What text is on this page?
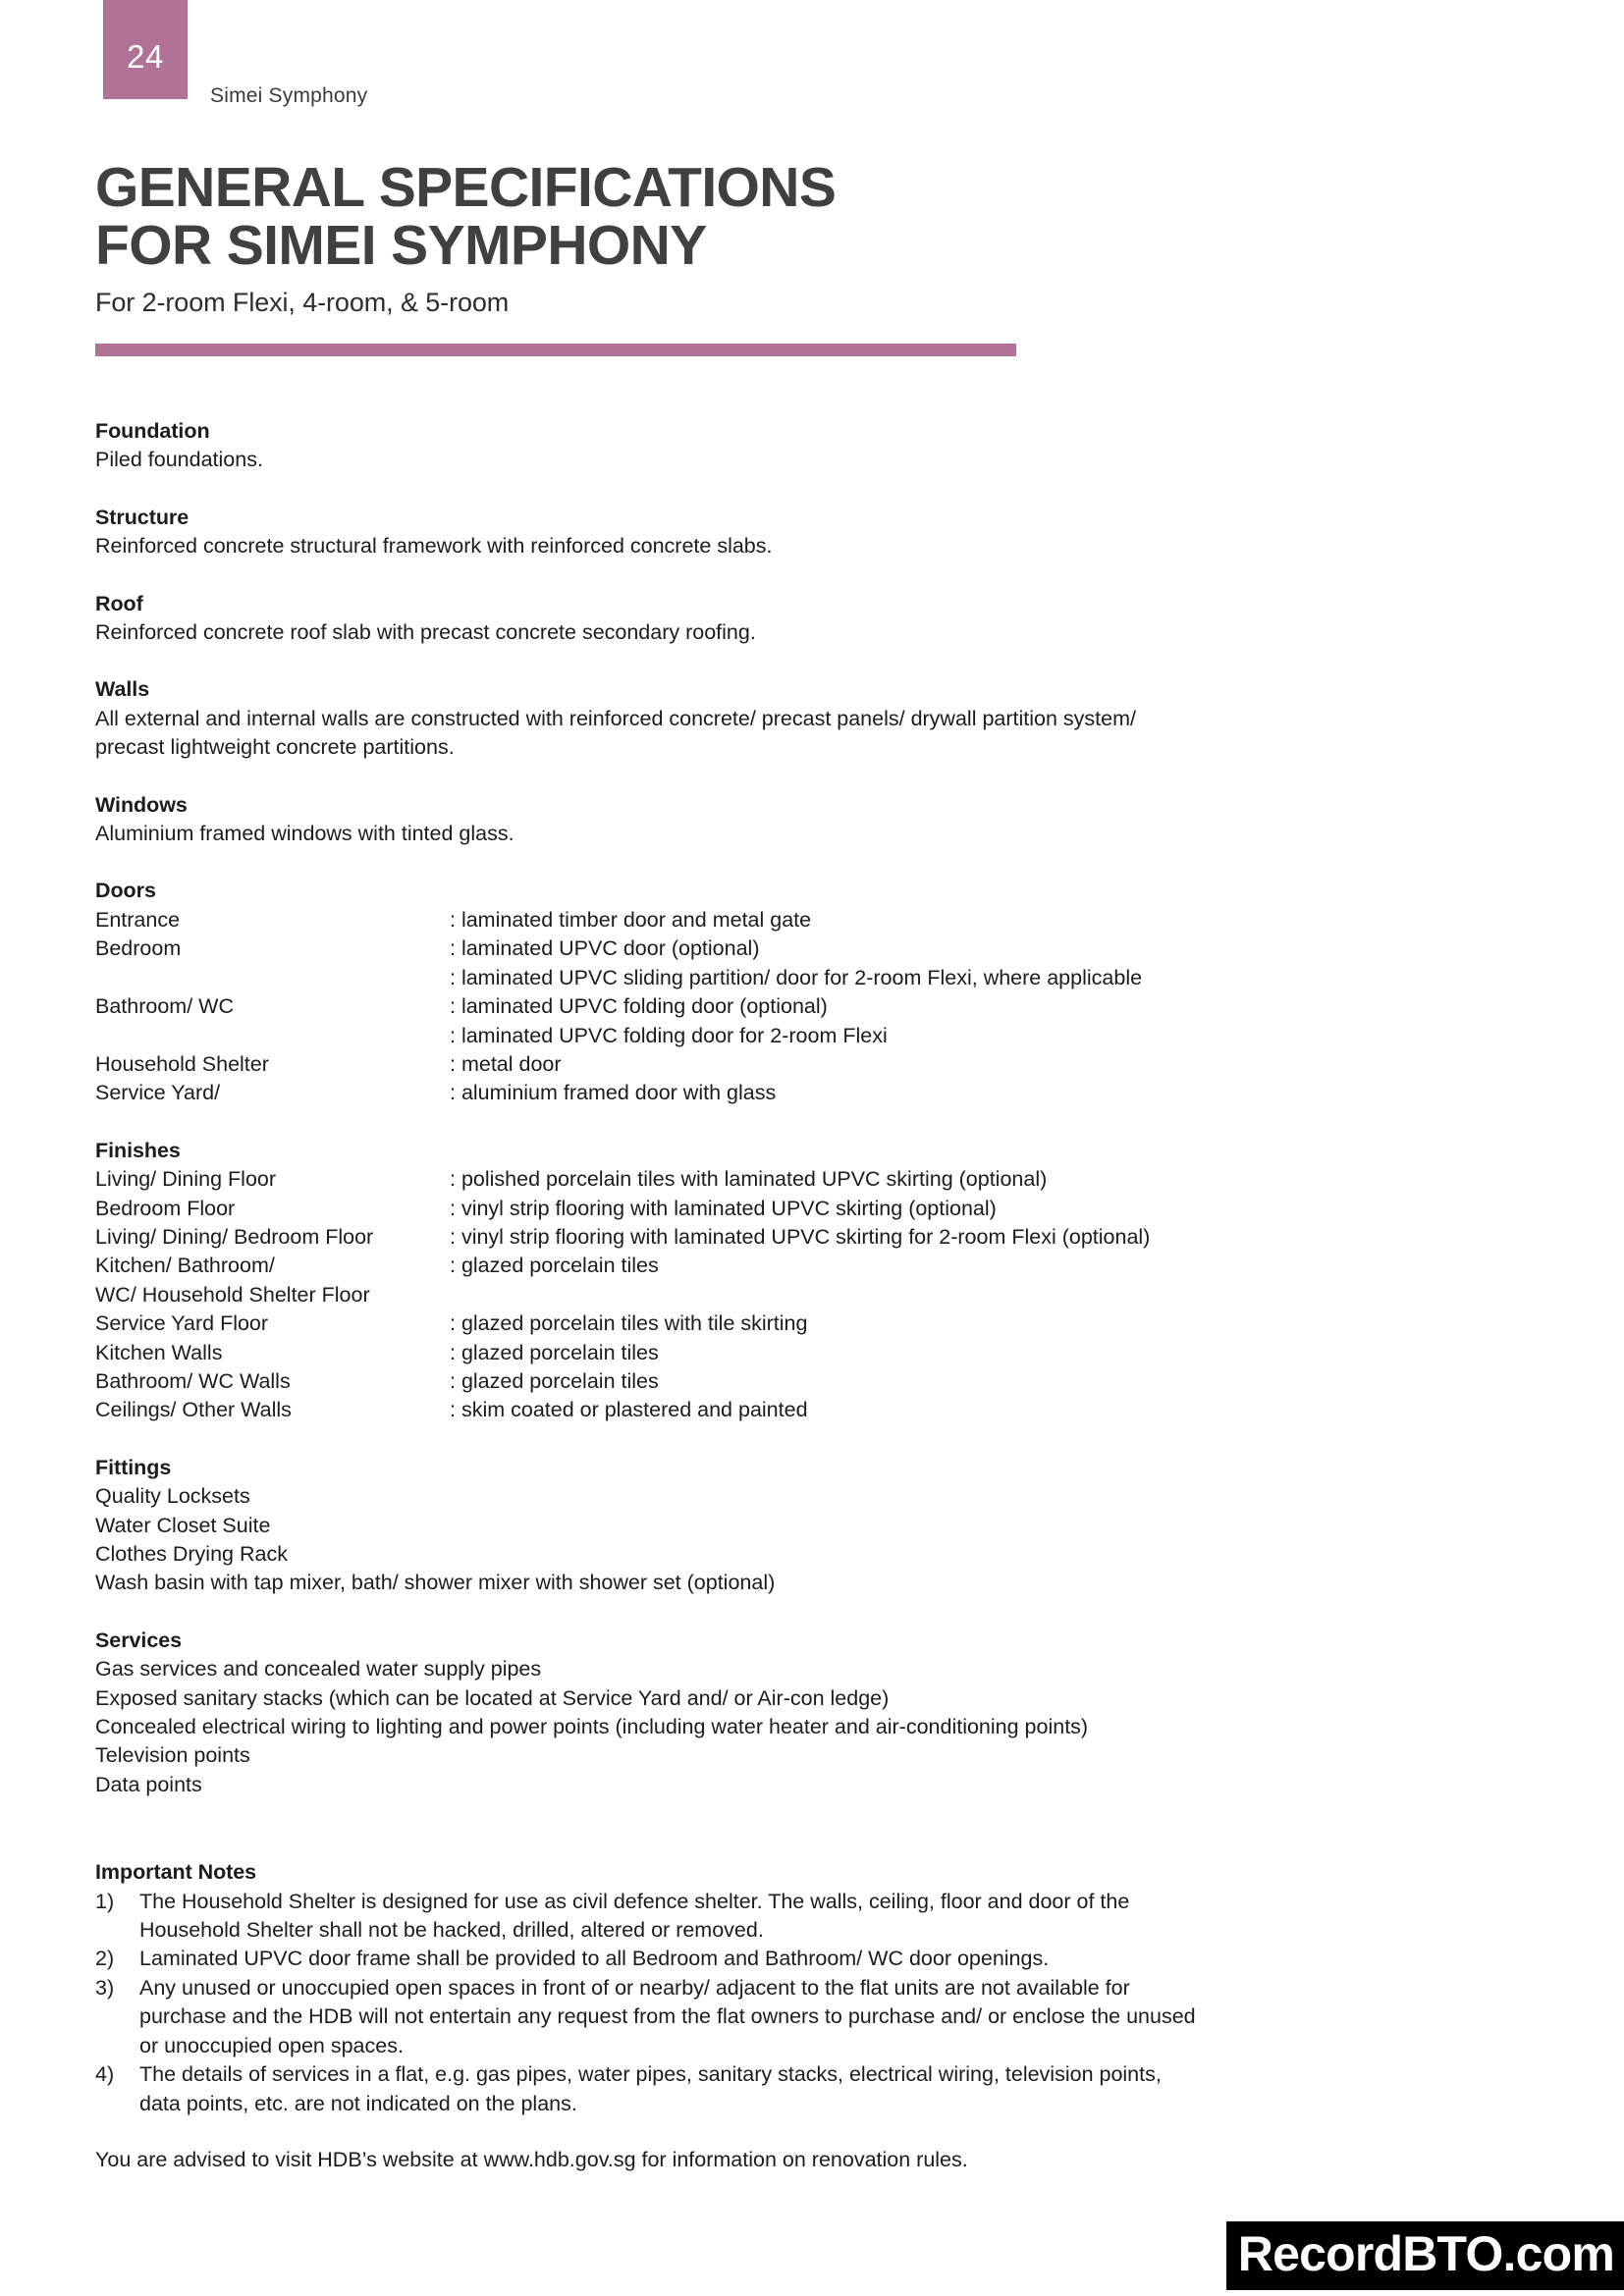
24
Simei Symphony
GENERAL SPECIFICATIONS
FOR SIMEI SYMPHONY
For 2-room Flexi, 4-room, & 5-room
Foundation
Piled foundations.
Structure
Reinforced concrete structural framework with reinforced concrete slabs.
Roof
Reinforced concrete roof slab with precast concrete secondary roofing.
Walls
All external and internal walls are constructed with reinforced concrete/ precast panels/ drywall partition system/
precast lightweight concrete partitions.
Windows
Aluminium framed windows with tinted glass.
Doors
Entrance	: laminated timber door and metal gate
Bedroom	: laminated UPVC door (optional)
: laminated UPVC sliding partition/ door for 2-room Flexi, where applicable
Bathroom/ WC	: laminated UPVC folding door (optional)
: laminated UPVC folding door for 2-room Flexi
Household Shelter	: metal door
Service Yard/	: aluminium framed door with glass
Finishes
Living/ Dining Floor	: polished porcelain tiles with laminated UPVC skirting (optional)
Bedroom Floor	: vinyl strip flooring with laminated UPVC skirting (optional)
Living/ Dining/ Bedroom Floor	: vinyl strip flooring with laminated UPVC skirting for 2-room Flexi (optional)
Kitchen/ Bathroom/	: glazed porcelain tiles
WC/ Household Shelter Floor
Service Yard Floor	: glazed porcelain tiles with tile skirting
Kitchen Walls	: glazed porcelain tiles
Bathroom/ WC Walls	: glazed porcelain tiles
Ceilings/ Other Walls	: skim coated or plastered and painted
Fittings
Quality Locksets
Water Closet Suite
Clothes Drying Rack
Wash basin with tap mixer, bath/ shower mixer with shower set (optional)
Services
Gas services and concealed water supply pipes
Exposed sanitary stacks (which can be located at Service Yard and/ or Air-con ledge)
Concealed electrical wiring to lighting and power points (including water heater and air-conditioning points)
Television points
Data points
Important Notes
1)	The Household Shelter is designed for use as civil defence shelter. The walls, ceiling, floor and door of the
Household Shelter shall not be hacked, drilled, altered or removed.
2)	Laminated UPVC door frame shall be provided to all Bedroom and Bathroom/ WC door openings.
3)	Any unused or unoccupied open spaces in front of or nearby/ adjacent to the flat units are not available for
purchase and the HDB will not entertain any request from the flat owners to purchase and/ or enclose the unused
or unoccupied open spaces.
4)	The details of services in a flat, e.g. gas pipes, water pipes, sanitary stacks, electrical wiring, television points,
data points, etc. are not indicated on the plans.
You are advised to visit HDB’s website at www.hdb.gov.sg for information on renovation rules.
RecordBTO.com
